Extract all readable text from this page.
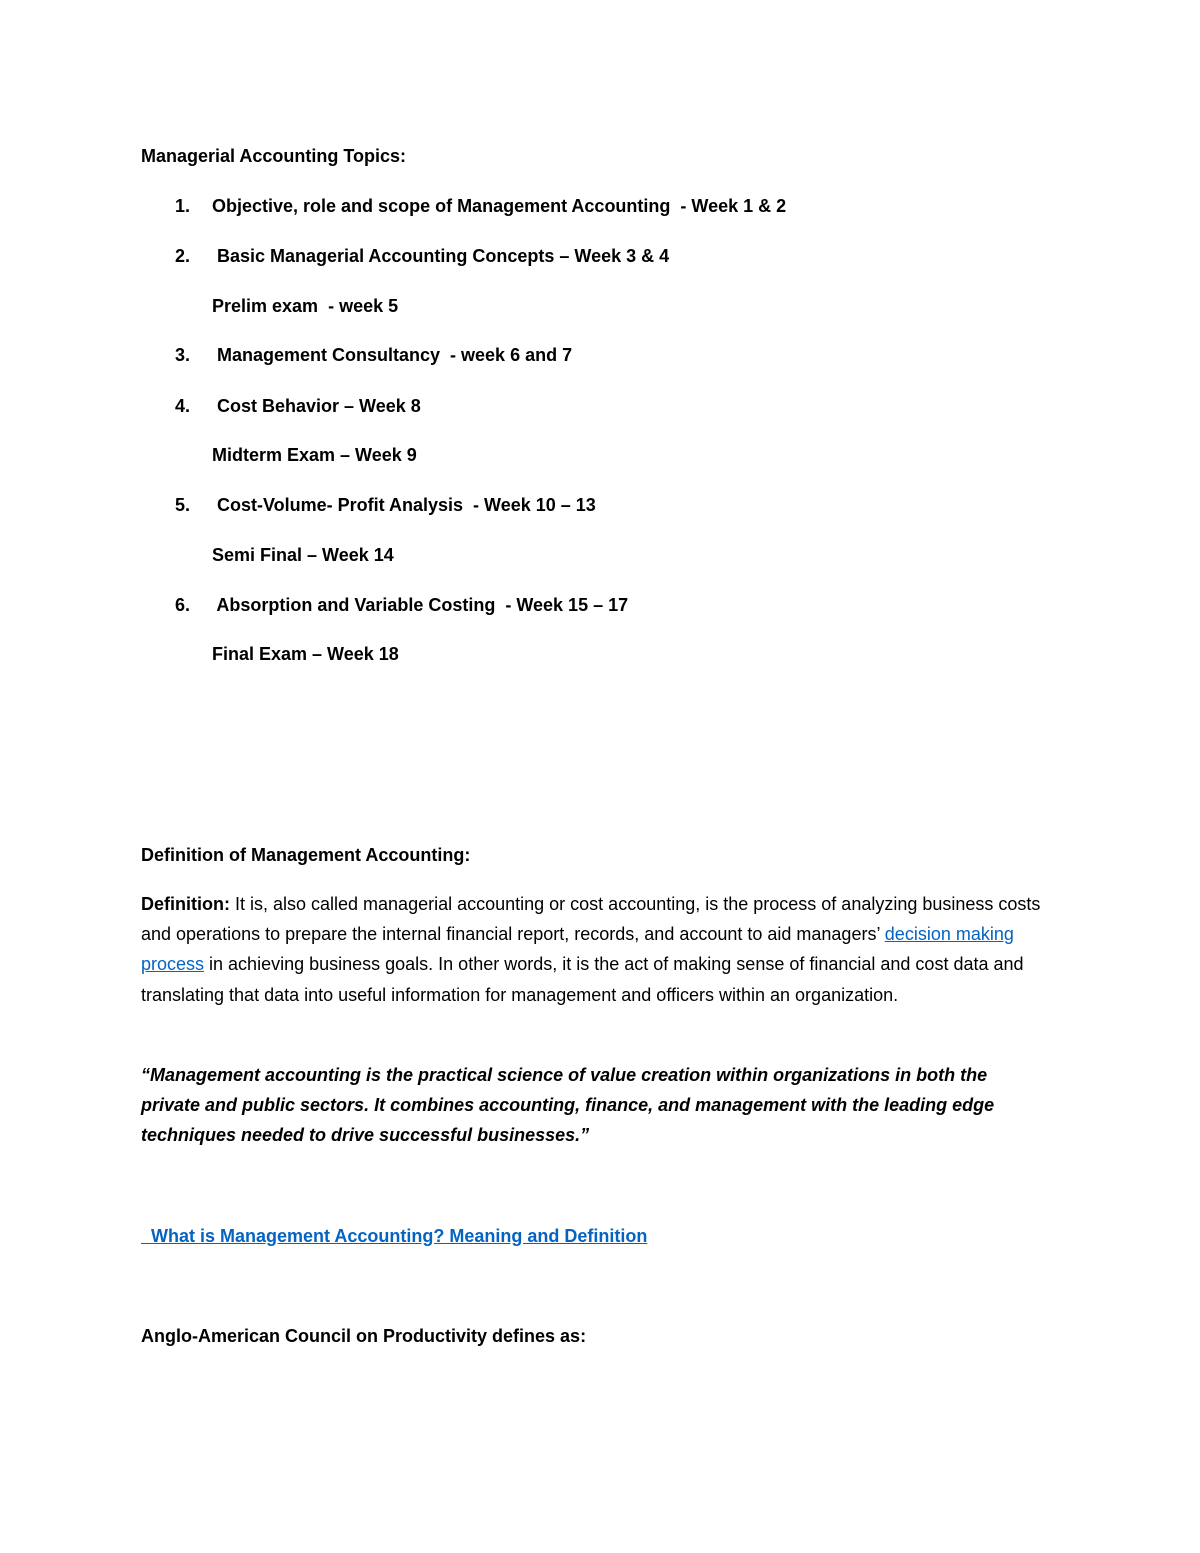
Managerial Accounting Topics:
1. Objective, role and scope of Management Accounting  - Week 1 & 2
2. Basic Managerial Accounting Concepts – Week 3 & 4
Prelim exam  - week 5
3. Management Consultancy  - week 6 and 7
4. Cost Behavior – Week 8
Midterm Exam – Week 9
5. Cost-Volume- Profit Analysis  - Week 10 – 13
Semi Final – Week 14
6. Absorption and Variable Costing  - Week 15 – 17
Final Exam – Week 18
Definition of Management Accounting:
Definition: It is, also called managerial accounting or cost accounting, is the process of analyzing business costs and operations to prepare the internal financial report, records, and account to aid managers’ decision making process in achieving business goals. In other words, it is the act of making sense of financial and cost data and translating that data into useful information for management and officers within an organization.
“Management accounting is the practical science of value creation within organizations in both the private and public sectors. It combines accounting, finance, and management with the leading edge techniques needed to drive successful businesses.”
What is Management Accounting? Meaning and Definition
Anglo-American Council on Productivity defines as:
